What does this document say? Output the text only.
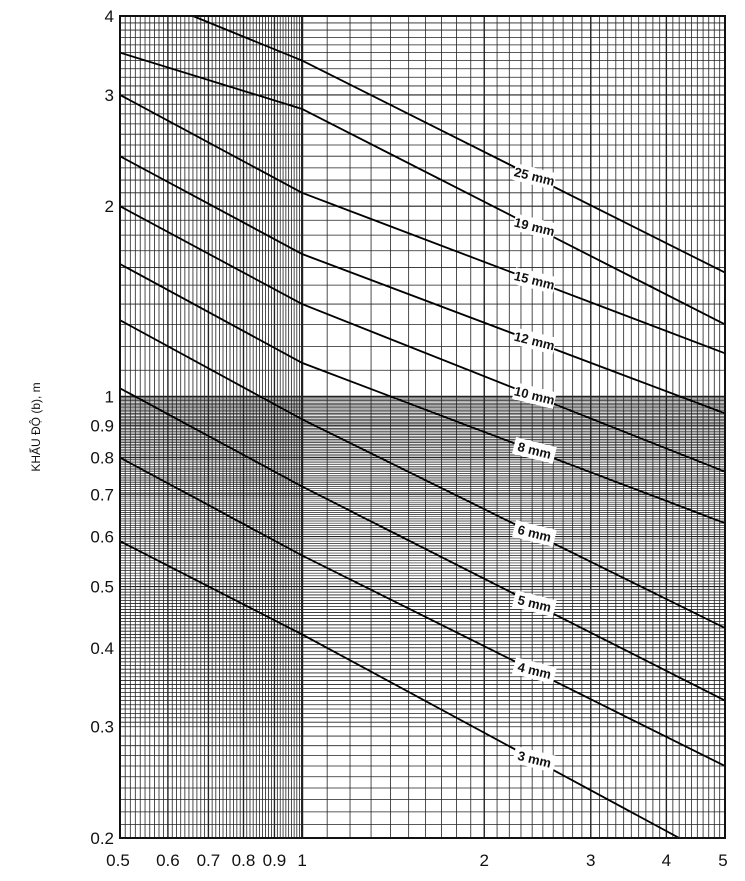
25 mm
19 mm
15 mm
12 mm
10 mm
8 mm
6 mm
5 mm
4 mm
3 mm
0.5 0.6 0.7 0.8 0.9 1	2	3	4	5
0.2
0.3
0.4
0.5
0.6
0.7
0.8
0.9
1
2
3
4
KHẨU ĐỘ (b), m
